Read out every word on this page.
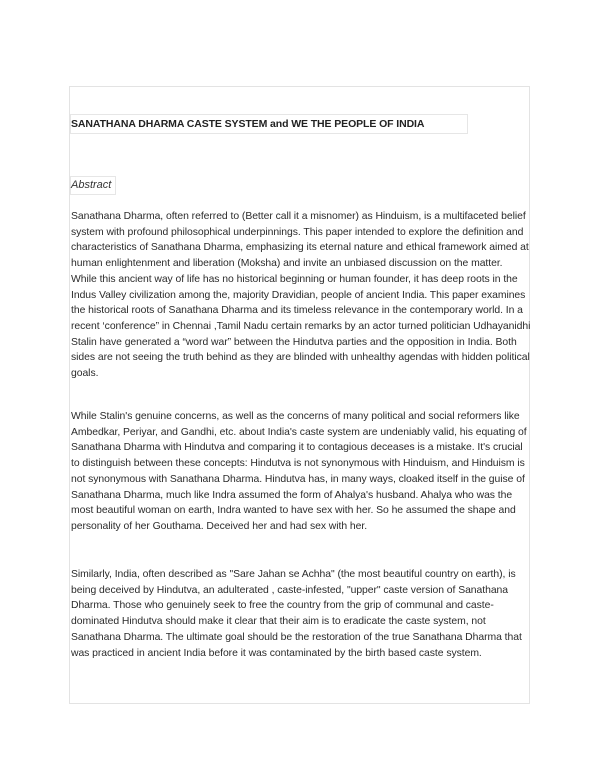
SANATHANA DHARMA CASTE SYSTEM and WE THE PEOPLE OF INDIA
Abstract

Sanathana Dharma, often referred to (Better call it a misnomer) as Hinduism, is a multifaceted belief system with profound philosophical underpinnings. This paper intended to explore the definition and characteristics of Sanathana Dharma, emphasizing its eternal nature and ethical framework aimed at human enlightenment and liberation (Moksha) and invite an unbiased discussion on the matter. While this ancient way of life has no historical beginning or human founder, it has deep roots in the Indus Valley civilization among the, majority Dravidian, people of ancient India. This paper examines the historical roots of Sanathana Dharma and its timeless relevance in the contemporary world. In a recent ‘conference” in Chennai ,Tamil Nadu certain remarks by an actor turned politician Udhayanidhi Stalin have generated a “word war” between the Hindutva parties and the opposition in India. Both sides are not seeing the truth behind as they are blinded with unhealthy agendas with hidden political goals.

While Stalin's genuine concerns, as well as the concerns of many political and social reformers like Ambedkar, Periyar, and Gandhi, etc. about India's caste system are undeniably valid, his equating of Sanathana Dharma with Hindutva and comparing it to contagious deceases is a mistake. It's crucial to distinguish between these concepts: Hindutva is not synonymous with Hinduism, and Hinduism is not synonymous with Sanathana Dharma. Hindutva has, in many ways, cloaked itself in the guise of Sanathana Dharma, much like Indra assumed the form of Ahalya's husband. Ahalya who was the most beautiful woman on earth, Indra wanted to have sex with her. So he assumed the shape and personality of her Gouthama. Deceived her and had sex with her.

Similarly, India, often described as "Sare Jahan se Achha" (the most beautiful country on earth), is being deceived by Hindutva, an adulterated , caste-infested, "upper" caste version of Sanathana Dharma. Those who genuinely seek to free the country from the grip of communal and caste-dominated Hindutva should make it clear that their aim is to eradicate the caste system, not Sanathana Dharma. The ultimate goal should be the restoration of the true Sanathana Dharma that was practiced in ancient India before it was contaminated by the birth based caste system.
